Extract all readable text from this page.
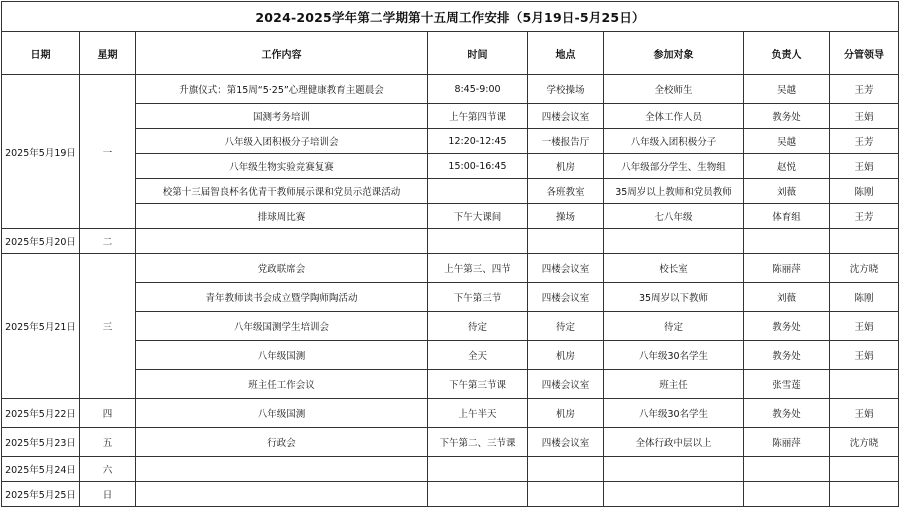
2024-2025学年第二学期第十五周工作安排（5月19日-5月25日）							
日期	星期	工作内容	时间	地点	参加对象	负责人	分管领导
2025年5月19日	一	升旗仪式：第15周“5·25”心理健康教育主题晨会	8:45-9:00	学校操场	全校师生	吴越	王芳
		国测考务培训	上午第四节课	四楼会议室	全体工作人员	教务处	王娟
		八年级入团积极分子培训会	12:20-12:45	一楼报告厅	八年级入团积极分子	吴越	王芳
		八年级生物实验竞赛复赛	15:00-16:45	机房	八年级部分学生、生物组	赵悦	王娟
		校第十三届智良杯名优青干教师展示课和党员示范课活动		各班教室	35周岁以上教师和党员教师	刘薇	陈刚
		排球周比赛	下午大课间	操场	七八年级	体育组	王芳
2025年5月20日	二						
2025年5月21日	三	党政联席会	上午第三、四节	四楼会议室	校长室	陈丽萍	沈方晓
		青年教师读书会成立暨学陶师陶活动	下午第三节	四楼会议室	35周岁以下教师	刘薇	陈刚
		八年级国测学生培训会	待定	待定	待定	教务处	王娟
		八年级国测	全天	机房	八年级30名学生	教务处	王娟
		班主任工作会议	下午第三节课	四楼会议室	班主任	张雪莲	
2025年5月22日	四	八年级国测	上午半天	机房	八年级30名学生	教务处	王娟
2025年5月23日	五	行政会	下午第二、三节课	四楼会议室	全体行政中层以上	陈丽萍	沈方晓
2025年5月24日	六						
2025年5月25日	日						
